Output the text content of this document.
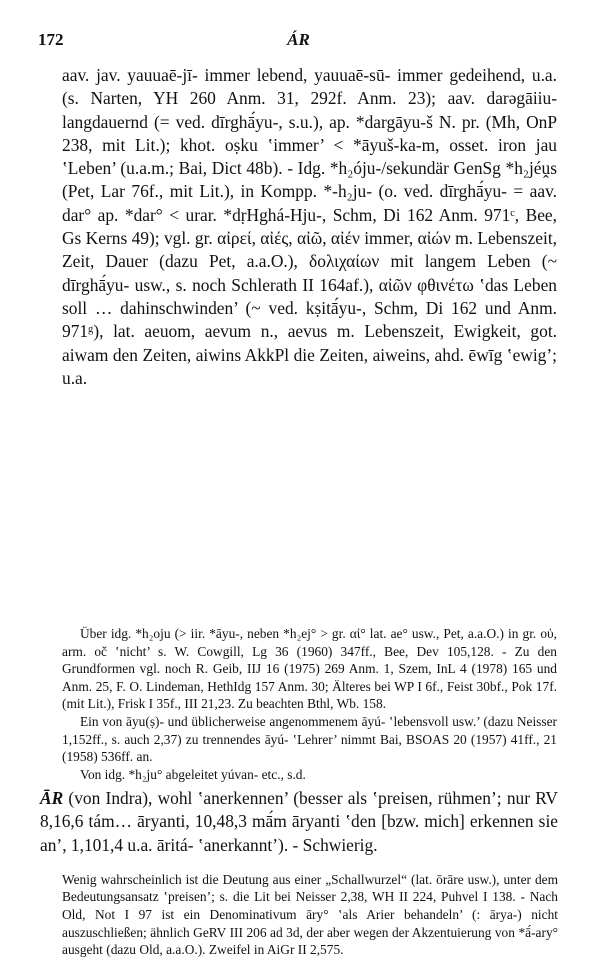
172	ÁR

aav. jav. yauuaē-jī- immer lebend, yauuaē-sū- immer gedeihend, u.a. (s. Narten, YH 260 Anm. 31, 292f. Anm. 23); aav. darəgāiiu- langdauernd (= ved. dīrghā́yu-, s.u.), ap. *dargāyu-š N. pr. (Mh, OnP 238, mit Lit.); khot. oṣku ʽimmer’ < *āyuš-ka-m, osset. iron jau ʽLeben’ (u.a.m.; Bai, Dict 48b). - Idg. *h₂óju-/sekundär GenSg *h₂jéṷs (Pet, Lar 76f., mit Lit.), in Kompp. *-h₂ju- (o. ved. dīrghā́yu- = aav. dar° ap. *dar° < urar. *dṛHghá-Hju-, Schm, Di 162 Anm. 971ᶜ, Bee, Gs Kerns 49); vgl. gr. αἰρεί, αἰές, αἰῶ, αἰέν immer, αἰών m. Lebenszeit, Zeit, Dauer (dazu Pet, a.a.O.), δολιχαίων mit langem Leben (~ dīrghā́yu- usw., s. noch Schlerath II 164af.), αἰῶν φθινέτω ʽdas Leben soll … dahinschwinden’ (~ ved. kṣitā́yu-, Schm, Di 162 und Anm. 971ᵍ), lat. aeuom, aevum n., aevus m. Lebenszeit, Ewigkeit, got. aiwam den Zeiten, aiwins AkkPl die Zeiten, aiweins, ahd. ēwīg ʽewig’; u.a.

Über idg. *h₂oju (> iir. *āyu-, neben *h₂ej° > gr. αἰ° lat. ae° usw., Pet, a.a.O.) in gr. οὐ, arm. oč ʽnicht’ s. W. Cowgill, Lg 36 (1960) 347ff., Bee, Dev 105,128. - Zu den Grundformen vgl. noch R. Geib, IIJ 16 (1975) 269 Anm. 1, Szem, InL 4 (1978) 165 und Anm. 25, F. O. Lindeman, HethIdg 157 Anm. 30; Älteres bei WP I 6f., Feist 30bf., Pok 17f. (mit Lit.), Frisk I 35f., III 21,23. Zu beachten Bthl, Wb. 158.

Ein von āyu(ṣ)- und üblicherweise angenommenem āyú- ʽlebensvoll usw.’ (dazu Neisser 1,152ff., s. auch 2,37) zu trennendes āyú- ʽLehrer’ nimmt Bai, BSOAS 20 (1957) 41ff., 21 (1958) 536ff. an.

Von idg. *h₂ju° abgeleitet yúvan- etc., s.d.

ĀR (von Indra), wohl ʽanerkennen’ (besser als ʽpreisen, rühmen’; nur RV 8,16,6 tám… āryanti, 10,48,3 mā́m āryanti ʽden [bzw. mich] erkennen sie an’, 1,101,4 u.a. āritá- ʽanerkannt’). - Schwierig.

Wenig wahrscheinlich ist die Deutung aus einer „Schallwurzel“ (lat. ōrāre usw.), unter dem Bedeutungsansatz ʽpreisen’; s. die Lit bei Neisser 2,38, WH II 224, Puhvel I 138. - Nach Old, Not I 97 ist ein Denominativum āry° ʽals Arier behandeln’ (: ārya-) nicht auszuschließen; ähnlich GeRV III 206 ad 3d, der aber wegen der Akzentuierung von *ā́-ary° ausgeht (dazu Old, a.a.O.). Zweifel in AiGr II 2,575.
